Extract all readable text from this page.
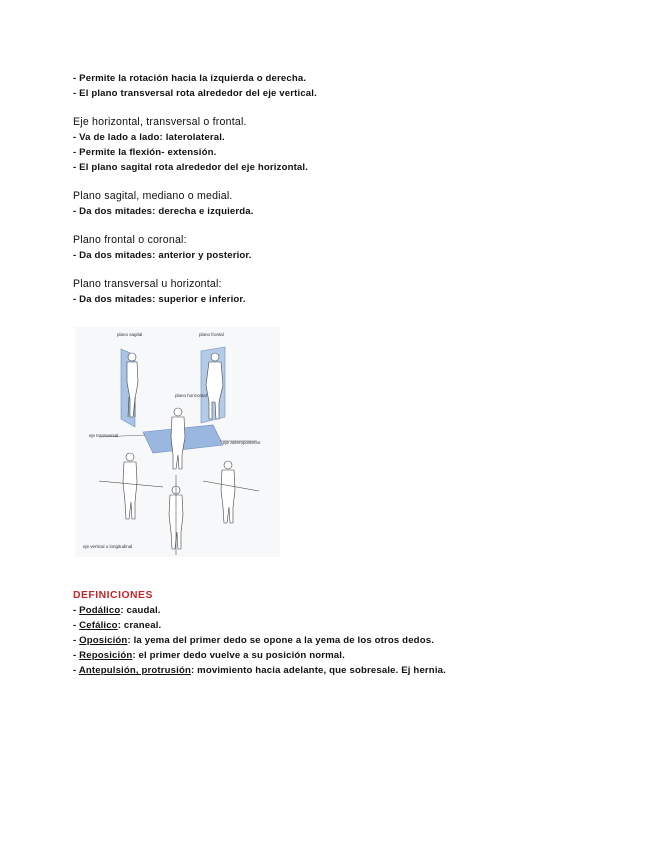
- Permite la rotación hacia la izquierda o derecha.
- El plano transversal rota alrededor del eje vertical.
Eje horizontal, transversal o frontal.
- Va de lado a lado: laterolateral.
- Permite la flexión- extensión.
- El plano sagital rota alrededor del eje horizontal.
Plano sagital, mediano o medial.
- Da dos mitades: derecha e izquierda.
Plano frontal o coronal:
- Da dos mitades: anterior y posterior.
Plano transversal u horizontal:
- Da dos mitades: superior e inferior.
plano sagital	plano frontal
plano horizontal
eje transversal
eje anteroposterior
eje vertical o longitudinal
DEFINICIONES
- Podálico: caudal.
- Cefálico: craneal.
- Oposición: la yema del primer dedo se opone a la yema de los otros dedos.
- Reposición: el primer dedo vuelve a su posición normal.
- Antepulsión, protrusión: movimiento hacia adelante, que sobresale. Ej hernia.
